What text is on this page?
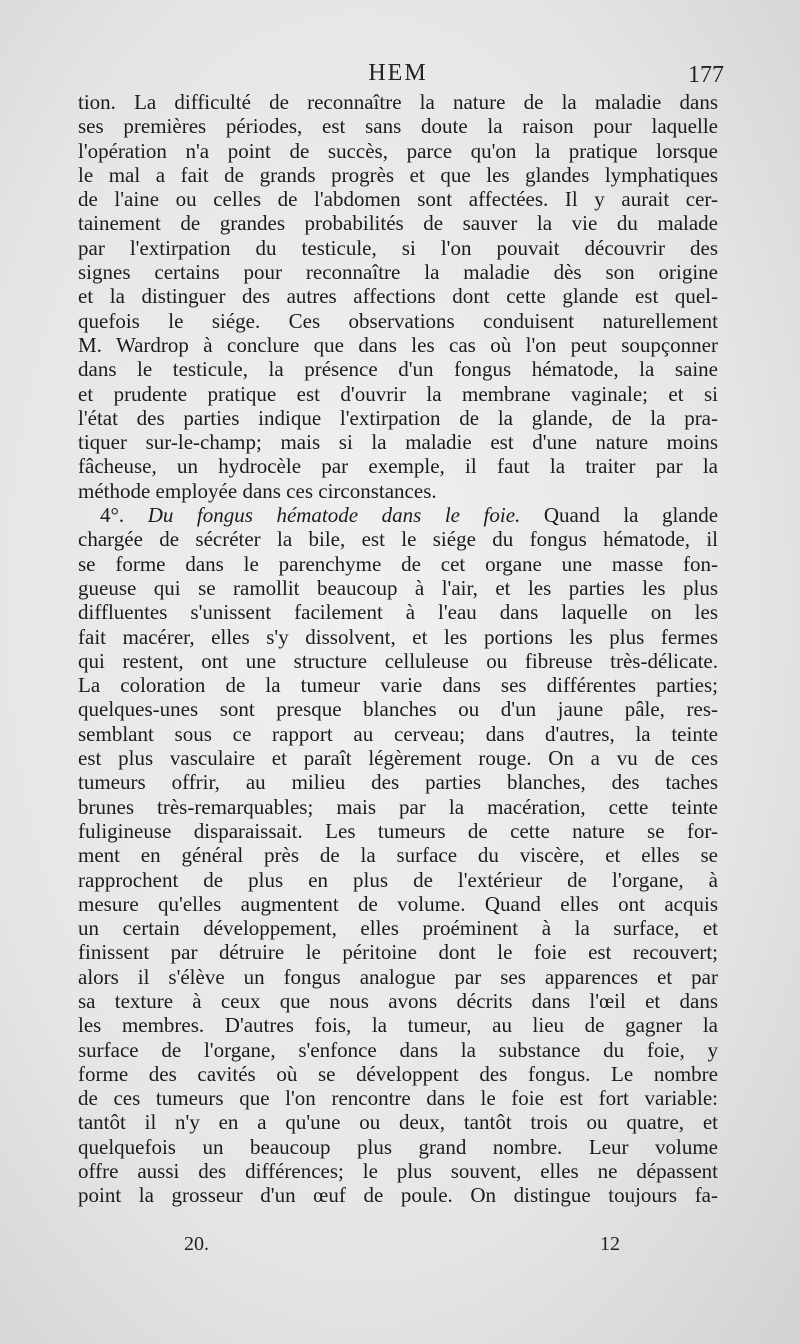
HEM	177
tion. La difficulté de reconnaître la nature de la maladie dans
ses premières périodes, est sans doute la raison pour laquelle
l'opération n'a point de succès, parce qu'on la pratique lorsque
le mal a fait de grands progrès et que les glandes lymphatiques
de l'aine ou celles de l'abdomen sont affectées. Il y aurait cer-
tainement de grandes probabilités de sauver la vie du malade
par l'extirpation du testicule, si l'on pouvait découvrir des
signes certains pour reconnaître la maladie dès son origine
et la distinguer des autres affections dont cette glande est quel-
quefois le siége. Ces observations conduisent naturellement
M. Wardrop à conclure que dans les cas où l'on peut soupçonner
dans le testicule, la présence d'un fongus hématode, la saine
et prudente pratique est d'ouvrir la membrane vaginale; et si
l'état des parties indique l'extirpation de la glande, de la pra-
tiquer sur-le-champ; mais si la maladie est d'une nature moins
fâcheuse, un hydrocèle par exemple, il faut la traiter par la
méthode employée dans ces circonstances.
4°. Du fongus hématode dans le foie. Quand la glande
chargée de sécréter la bile, est le siége du fongus hématode, il
se forme dans le parenchyme de cet organe une masse fon-
gueuse qui se ramollit beaucoup à l'air, et les parties les plus
diffluentes s'unissent facilement à l'eau dans laquelle on les
fait macérer, elles s'y dissolvent, et les portions les plus fermes
qui restent, ont une structure celluleuse ou fibreuse très-délicate.
La coloration de la tumeur varie dans ses différentes parties;
quelques-unes sont presque blanches ou d'un jaune pâle, res-
semblant sous ce rapport au cerveau; dans d'autres, la teinte
est plus vasculaire et paraît légèrement rouge. On a vu de ces
tumeurs offrir, au milieu des parties blanches, des taches
brunes très-remarquables; mais par la macération, cette teinte
fuligineuse disparaissait. Les tumeurs de cette nature se for-
ment en général près de la surface du viscère, et elles se
rapprochent de plus en plus de l'extérieur de l'organe, à
mesure qu'elles augmentent de volume. Quand elles ont acquis
un certain développement, elles proéminent à la surface, et
finissent par détruire le péritoine dont le foie est recouvert;
alors il s'élève un fongus analogue par ses apparences et par
sa texture à ceux que nous avons décrits dans l'œil et dans
les membres. D'autres fois, la tumeur, au lieu de gagner la
surface de l'organe, s'enfonce dans la substance du foie, y
forme des cavités où se développent des fongus. Le nombre
de ces tumeurs que l'on rencontre dans le foie est fort variable:
tantôt il n'y en a qu'une ou deux, tantôt trois ou quatre, et
quelquefois un beaucoup plus grand nombre. Leur volume
offre aussi des différences; le plus souvent, elles ne dépassent
point la grosseur d'un œuf de poule. On distingue toujours fa-
20.	12
